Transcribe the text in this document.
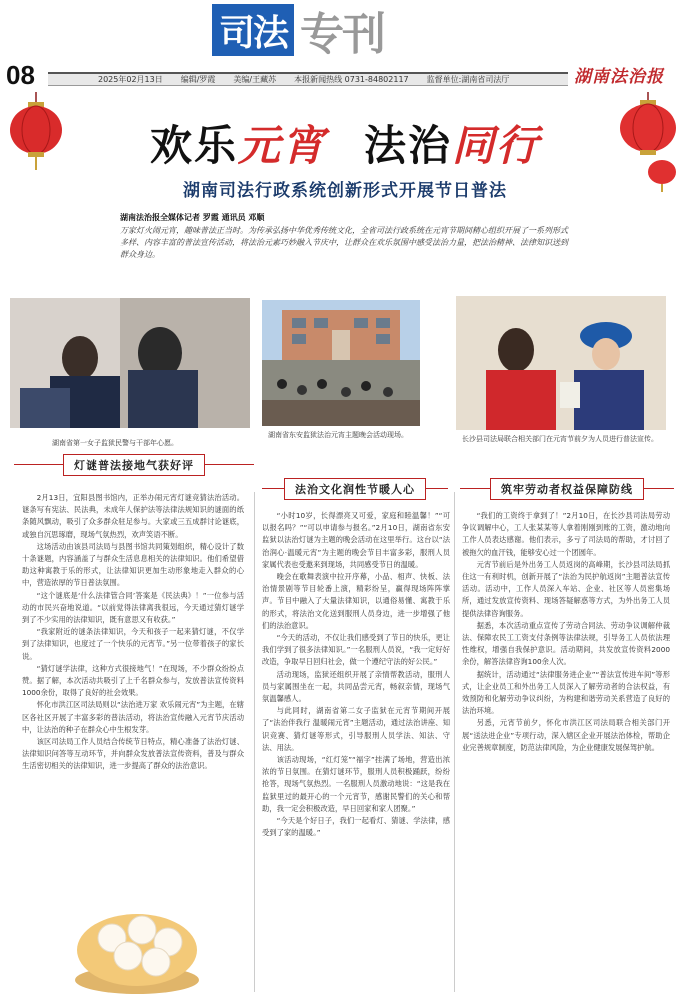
司法 专刊
08	2025年02月13日 编辑/罗霞 美编/王藏苏 本报新闻热线 0731-84802117 监督单位:湖南省司法厅	湖南法治报
欢乐元宵 法治同行
湖南司法行政系统创新形式开展节日普法
湖南法治报全媒体记者 罗霞 通讯员 邓顺
万家灯火闹元宵，趣味普法正当时。为传承弘扬中华优秀传统文化，全省司法行政系统在元宵节期间精心组织开展了一系列形式多样、内容丰富的普法宣传活动，将法治元素巧妙融入节庆中，让群众在欢乐氛围中感受法治力量，把法治精神、法律知识送到群众身边。
湖南省第一女子监狱民警与干部年心愿。
湖南省东安监狱法治元宵主题晚会活动现场。	长沙县司法局联合相关部门在元宵节前夕为人员进行普法宣传。
灯谜普法接地气获好评
法治文化润性节暖人心	筑牢劳动者权益保障防线

2月13日，宜阳县图书馆内，正举办闹元宵灯谜竞猜法治活动。谜条写有宪法、民法典，未成年人保护法等法律法规知识的谜面的纸条随风飘动，吸引了众多群众驻足参与。大家或三五成群讨论谜底，或独自沉思琢磨，现场气氛热烈，欢声笑语不断。

这场活动由该县司法局与县图书馆共同策划组织，精心设计了数十条谜题，内容涵盖了与群众生活息息相关的法律知识。他们希望借助这种寓教于乐的形式，让法律知识更加生动形象地走入群众的心中，营造浓厚的节日普法氛围。

“这个谜底是‘什么法律管合同’答案是《民法典》！”一位参与活动的市民兴奋地说道。“以前觉得法律离我很远，今天通过猜灯谜学到了不少实用的法律知识，既有意思又有收获。”

“我家附近的谜条法律知识，今天和孩子一起来猜灯谜，不仅学到了法律知识，也度过了一个快乐的元宵节。”另一位带着孩子的家长说。

“猜灯谜学法律，这种方式很接地气！”在现场，不少群众纷纷点赞。据了解，本次活动共吸引了上千名群众参与，发放普法宣传资料1000余份，取得了良好的社会效果。

怀化市洪江区司法局则以“法治进万家 欢乐闹元宵”为主题，在辖区各社区开展了丰富多彩的普法活动，将法治宣传融入元宵节庆活动中，让法治的种子在群众心中生根发芽。

该区司法局工作人员结合传统节日特点，精心准备了法治灯谜、法律知识问答等互动环节，并向群众发放普法宣传资料，普及与群众生活密切相关的法律知识，进一步提高了群众的法治意识。

“小时10岁，长得漂亮又可爱，家庭和睦温馨！”“可以报名吗？”“可以申请参与报名。”2月10日，湖南省东安监狱以法治灯谜为主题的晚会活动在这里举行。这台以“法治润心·温暖元宵”为主题的晚会节目丰富多彩，服刑人员家属代表也受邀来到现场，共同感受节日的温暖。

晚会在歌舞表演中拉开序幕，小品、相声、快板、法治情景剧等节目轮番上演，精彩纷呈，赢得现场阵阵掌声。节目中融入了大量法律知识，以通俗易懂、寓教于乐的形式，将法治文化送到服刑人员身边，进一步增强了他们的法治意识。

“今天的活动，不仅让我们感受到了节日的快乐，更让我们学到了很多法律知识。”一名服刑人员说，“我一定好好改造，争取早日回归社会，做一个遵纪守法的好公民。”

活动现场，监狱还组织开展了亲情帮教活动，服刑人员与家属围坐在一起，共同品尝元宵，畅叙亲情，现场气氛温馨感人。

与此同时，湖南省第二女子监狱在元宵节期间开展了“法治伴我行 温暖闹元宵”主题活动，通过法治讲座、知识竞赛、猜灯谜等形式，引导服刑人员学法、知法、守法、用法。

该活动现场，“红灯笼”“福字”挂满了场地，营造出浓浓的节日氛围。在猜灯谜环节，服刑人员积极踊跃，纷纷抢答，现场气氛热烈。一名服刑人员激动地说：“这是我在监狱里过的最开心的一个元宵节，感谢民警们的关心和帮助，我一定会积极改造，早日回家和家人团聚。”

“今天是个好日子，我们一起看灯、猜谜、学法律，感受到了家的温暖。”

“我们的工资终于拿到了！”2月10日，在长沙县司法局劳动争议调解中心，工人张某某等人拿着刚刚到账的工资，激动地向工作人员表达感谢。他们表示，多亏了司法局的帮助，才讨回了被拖欠的血汗钱，能够安心过一个团圆年。

元宵节前后是外出务工人员返岗的高峰期，长沙县司法局抓住这一有利时机，创新开展了“法治为民护航返岗”主题普法宣传活动。活动中，工作人员深入车站、企业、社区等人员密集场所，通过发放宣传资料、现场答疑解惑等方式，为外出务工人员提供法律咨询服务。

据悉，本次活动重点宣传了劳动合同法、劳动争议调解仲裁法、保障农民工工资支付条例等法律法规，引导务工人员依法理性维权，增强自我保护意识。活动期间，共发放宣传资料2000余份，解答法律咨询100余人次。

据统计，活动通过“法律服务进企业”“普法宣传进车间”等形式，让企业员工和外出务工人员深入了解劳动者的合法权益，有效预防和化解劳动争议纠纷，为构建和谐劳动关系营造了良好的法治环境。

另悉，元宵节前夕，怀化市洪江区司法局联合相关部门开展“送法进企业”专项行动，深入辖区企业开展法治体检，帮助企业完善规章制度，防范法律风险，为企业健康发展保驾护航。
